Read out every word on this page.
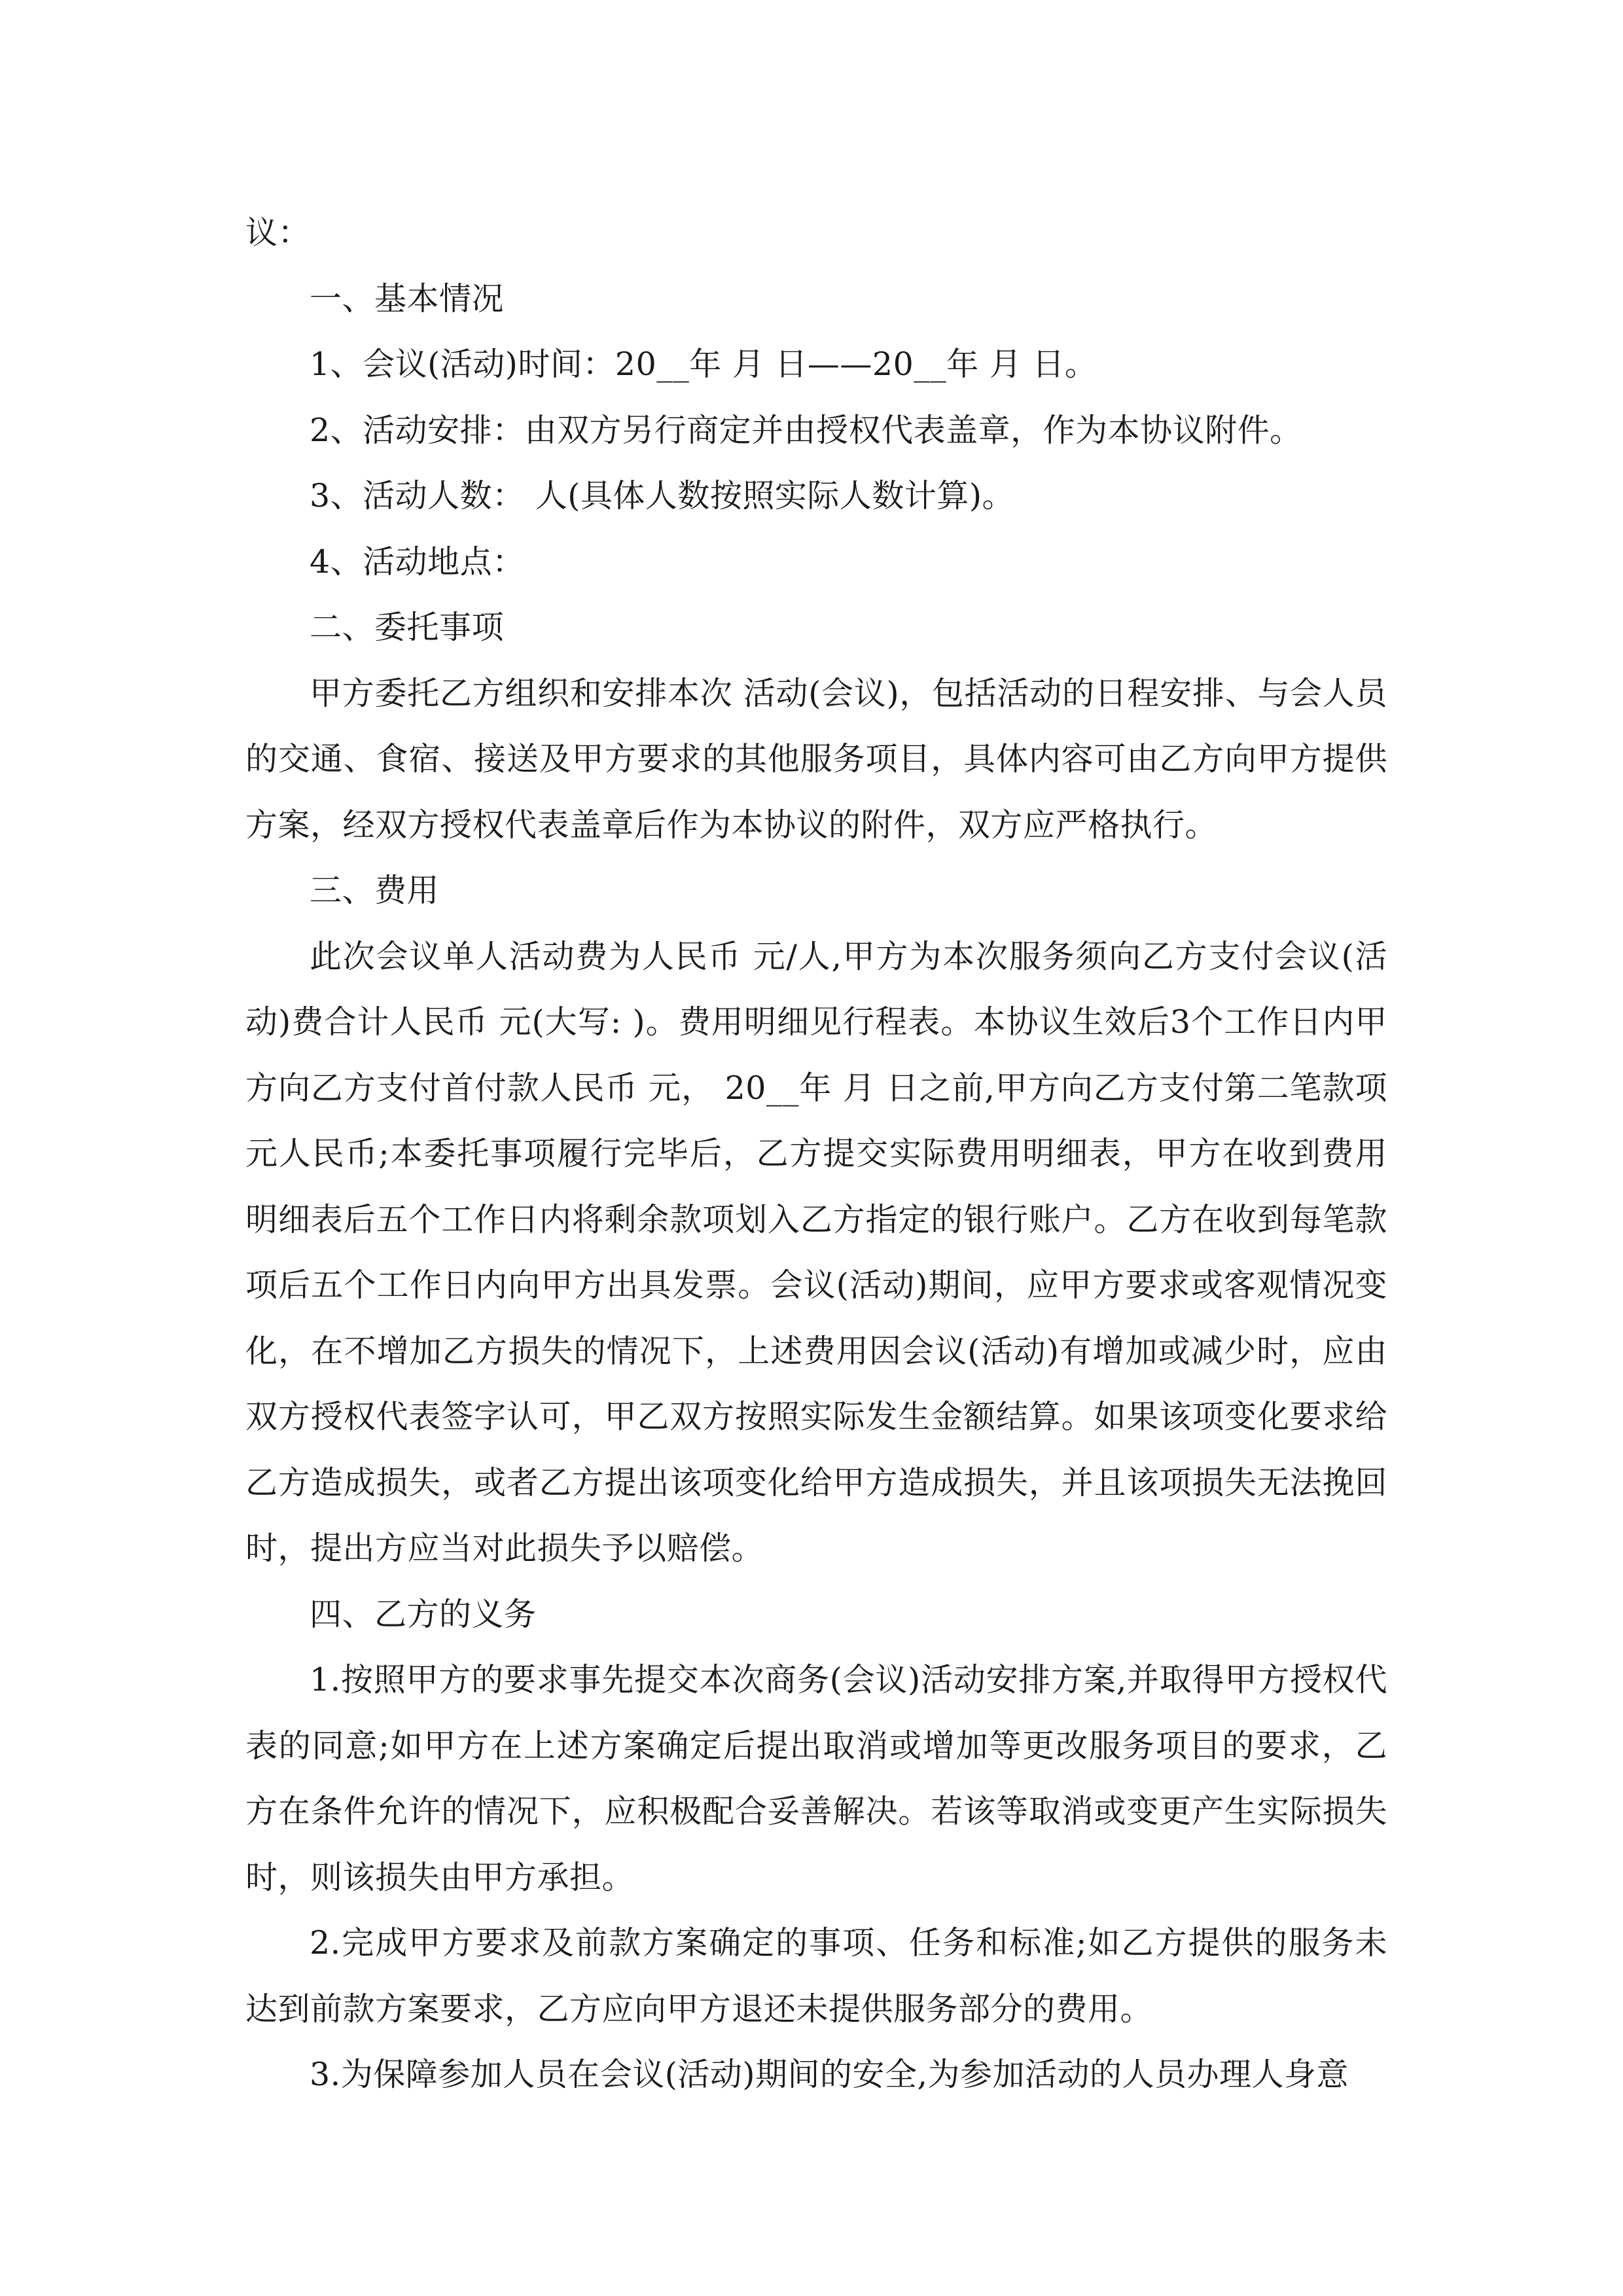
议：

一、基本情况

1、会议(活动)时间：20__年 月 日——20__年 月 日。

2、活动安排：由双方另行商定并由授权代表盖章，作为本协议附件。

3、活动人数： 人(具体人数按照实际人数计算)。

4、活动地点：

二、委托事项

甲方委托乙方组织和安排本次 活动(会议)，包括活动的日程安排、与会人员的交通、食宿、接送及甲方要求的其他服务项目，具体内容可由乙方向甲方提供方案，经双方授权代表盖章后作为本协议的附件，双方应严格执行。

三、费用

此次会议单人活动费为人民币 元/人,甲方为本次服务须向乙方支付会议(活动)费合计人民币 元(大写: )。费用明细见行程表。本协议生效后3个工作日内甲方向乙方支付首付款人民币 元， 20__年 月 日之前,甲方向乙方支付第二笔款项 元人民币;本委托事项履行完毕后，乙方提交实际费用明细表，甲方在收到费用明细表后五个工作日内将剩余款项划入乙方指定的银行账户。乙方在收到每笔款项后五个工作日内向甲方出具发票。会议(活动)期间，应甲方要求或客观情况变化，在不增加乙方损失的情况下，上述费用因会议(活动)有增加或减少时，应由双方授权代表签字认可，甲乙双方按照实际发生金额结算。如果该项变化要求给乙方造成损失，或者乙方提出该项变化给甲方造成损失，并且该项损失无法挽回时，提出方应当对此损失予以赔偿。

四、乙方的义务

1.按照甲方的要求事先提交本次商务(会议)活动安排方案,并取得甲方授权代表的同意;如甲方在上述方案确定后提出取消或增加等更改服务项目的要求，乙方在条件允许的情况下，应积极配合妥善解决。若该等取消或变更产生实际损失时，则该损失由甲方承担。

2.完成甲方要求及前款方案确定的事项、任务和标准;如乙方提供的服务未达到前款方案要求，乙方应向甲方退还未提供服务部分的费用。

3.为保障参加人员在会议(活动)期间的安全,为参加活动的人员办理人身意
